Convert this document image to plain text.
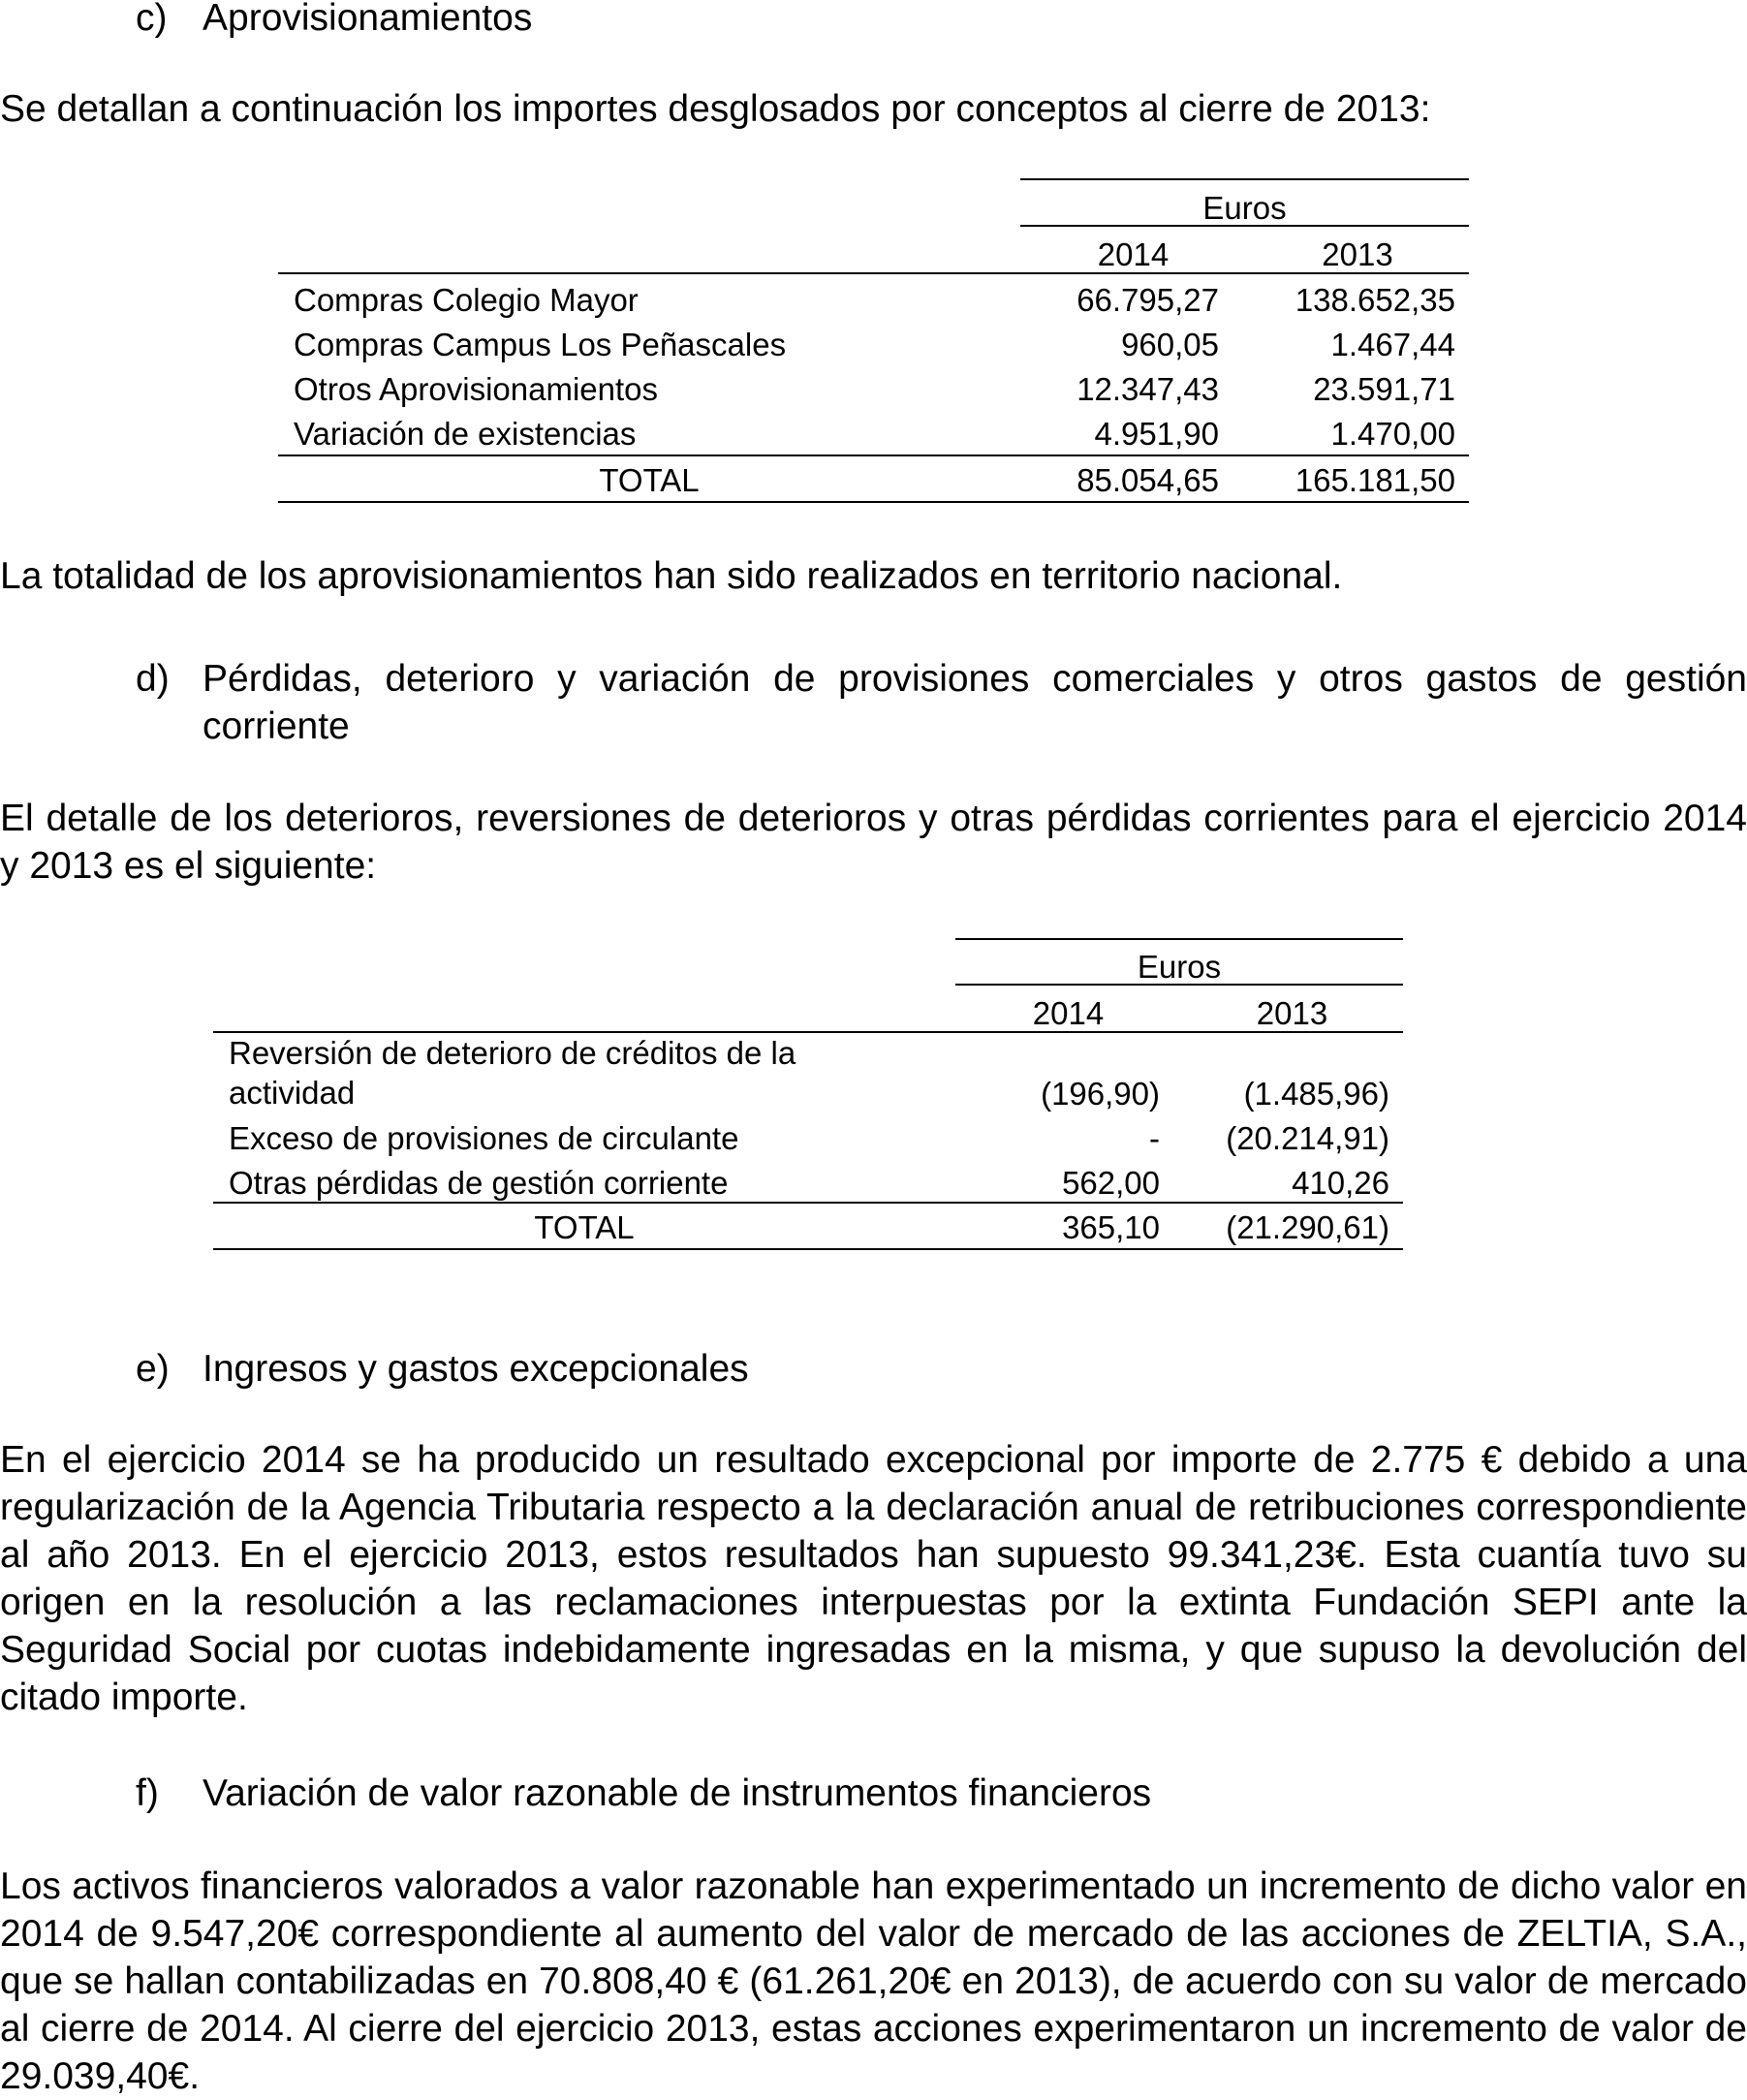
c) Aprovisionamientos
Se detallan a continuación los importes desglosados por conceptos al cierre de 2013:
Euros
2014	2013
Compras Colegio Mayor	66.795,27 138.652,35
Compras Campus Los Peñascales	960,05	1.467,44
Otros Aprovisionamientos	12.347,43	23.591,71
Variación de existencias	4.951,90	1.470,00
TOTAL	85.054,65 165.181,50
La totalidad de los aprovisionamientos han sido realizados en territorio nacional.
d) Pérdidas, deterioro y variación de provisiones comerciales y otros gastos de gestión corriente
El detalle de los deterioros, reversiones de deterioros y otras pérdidas corrientes para el ejercicio 2014 y 2013 es el siguiente:
Euros
2014	2013
Reversión de deterioro de créditos de la
actividad	(196,90)	(1.485,96)
Exceso de provisiones de circulante	- (20.214,91)
Otras pérdidas de gestión corriente	562,00	410,26
TOTAL	365,10 (21.290,61)
e) Ingresos y gastos excepcionales
En el ejercicio 2014 se ha producido un resultado excepcional por importe de 2.775 € debido a una regularización de la Agencia Tributaria respecto a la declaración anual de retribuciones correspondiente al año 2013. En el ejercicio 2013, estos resultados han supuesto 99.341,23€. Esta cuantía tuvo su origen en la resolución a las reclamaciones interpuestas por la extinta Fundación SEPI ante la Seguridad Social por cuotas indebidamente ingresadas en la misma, y que supuso la devolución del citado importe.
f) Variación de valor razonable de instrumentos financieros
Los activos financieros valorados a valor razonable han experimentado un incremento de dicho valor en 2014 de 9.547,20€ correspondiente al aumento del valor de mercado de las acciones de ZELTIA, S.A., que se hallan contabilizadas en 70.808,40 € (61.261,20€ en 2013), de acuerdo con su valor de mercado al cierre de 2014. Al cierre del ejercicio 2013, estas acciones experimentaron un incremento de valor de 29.039,40€.
